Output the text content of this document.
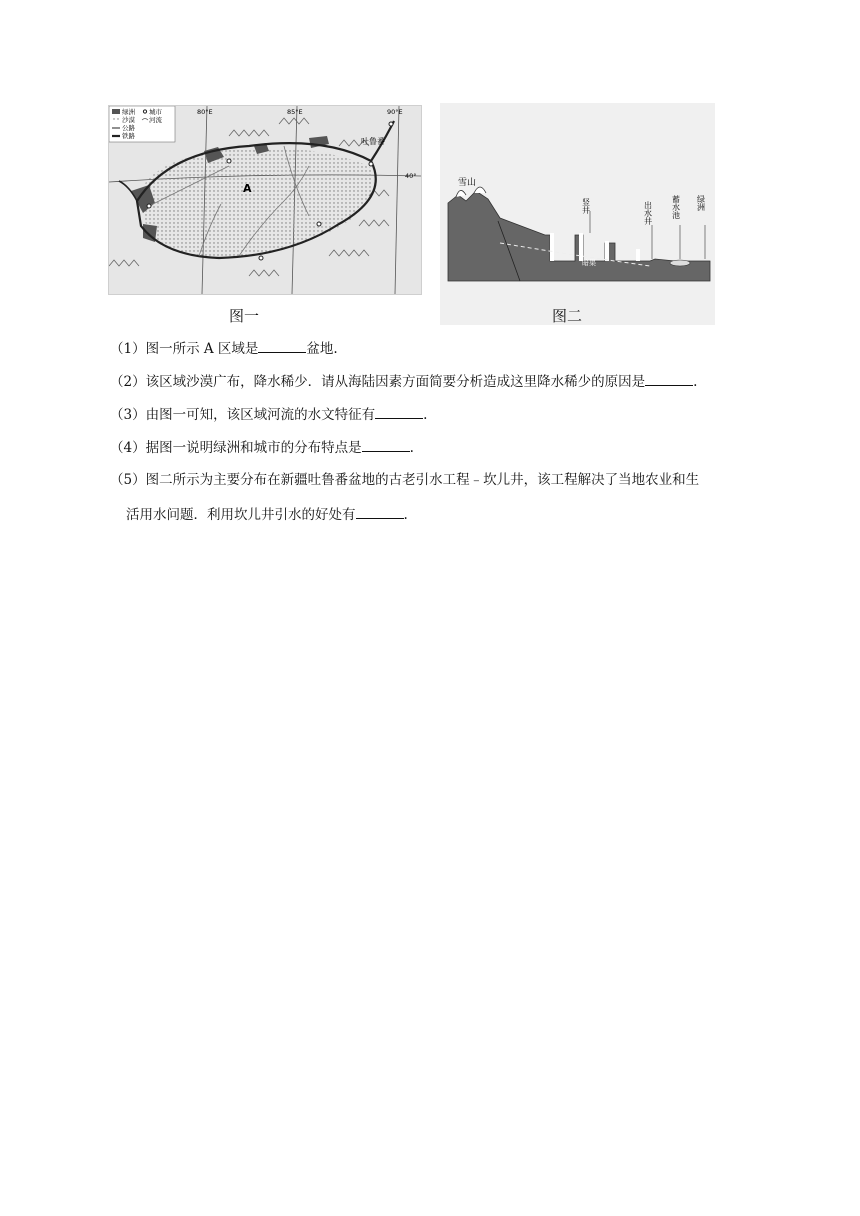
绿洲 城市
沙漠 河流
公路
铁路
80°E	85°E	90°E
40°
吐鲁番
A
图一
雪山
竖井	出水井 蓄水池 绿洲
暗渠
图二
（1）图一所示 A 区域是	盆地.
（2）该区域沙漠广布，降水稀少．请从海陆因素方面简要分析造成这里降水稀少的原因是	.
（3）由图一可知，该区域河流的水文特征有	.
（4）据图一说明绿洲和城市的分布特点是	.
（5）图二所示为主要分布在新疆吐鲁番盆地的古老引水工程﹣坎儿井，该工程解决了当地农业和生
活用水问题．利用坎儿井引水的好处有	.
